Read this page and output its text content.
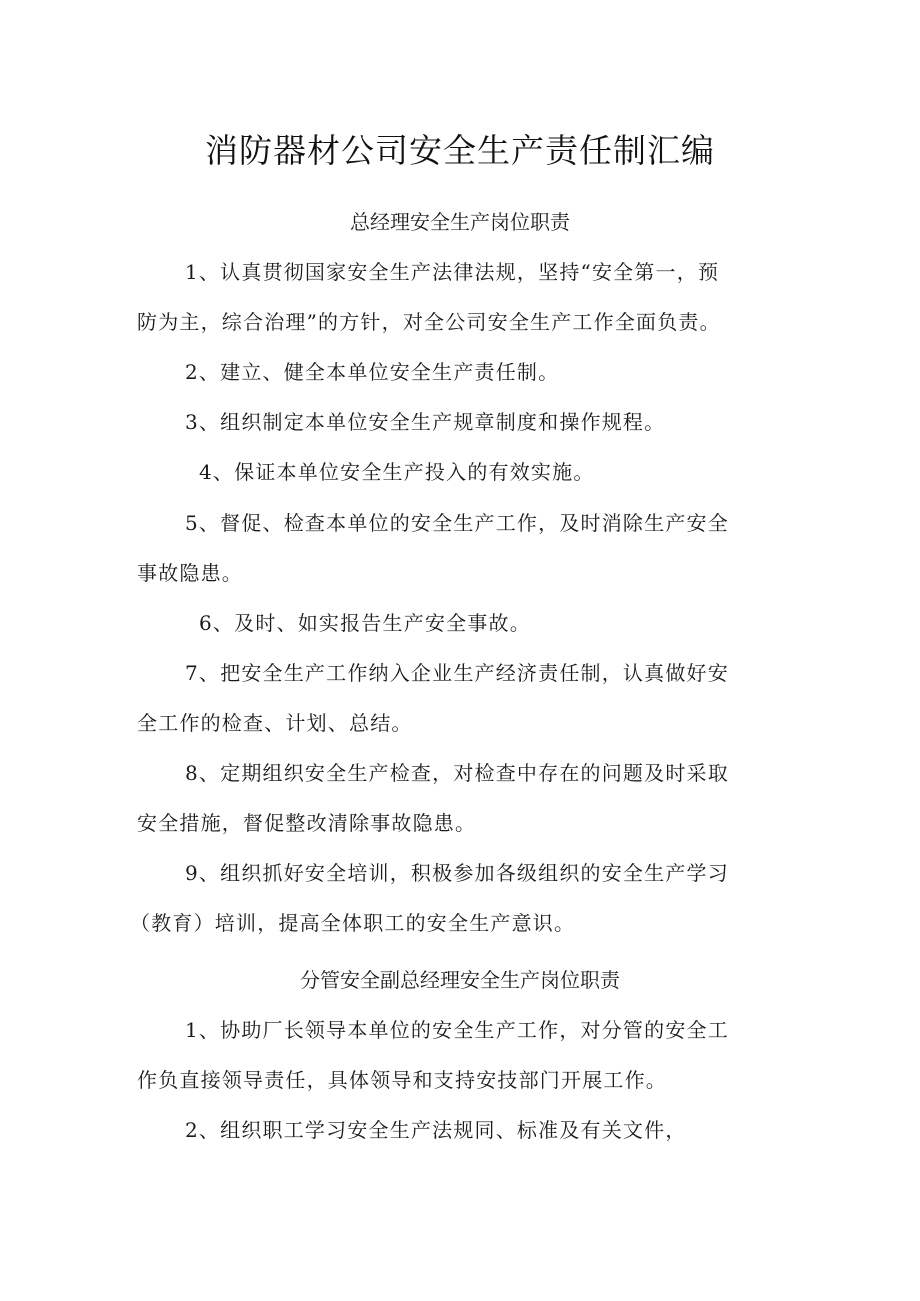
消防器材公司安全生产责任制汇编
总经理安全生产岗位职责
1、认真贯彻国家安全生产法律法规，坚持“安全第一，预
防为主，综合治理”的方针，对全公司安全生产工作全面负责。
2、建立、健全本单位安全生产责任制。
3、组织制定本单位安全生产规章制度和操作规程。
4、保证本单位安全生产投入的有效实施。
5、督促、检查本单位的安全生产工作，及时消除生产安全
事故隐患。
6、及时、如实报告生产安全事故。
7、把安全生产工作纳入企业生产经济责任制，认真做好安
全工作的检查、计划、总结。
8、定期组织安全生产检查，对检查中存在的问题及时采取
安全措施，督促整改清除事故隐患。
9、组织抓好安全培训，积极参加各级组织的安全生产学习
（教育）培训，提高全体职工的安全生产意识。
分管安全副总经理安全生产岗位职责
1、协助厂长领导本单位的安全生产工作，对分管的安全工
作负直接领导责任，具体领导和支持安技部门开展工作。
2、组织职工学习安全生产法规同、标准及有关文件，
